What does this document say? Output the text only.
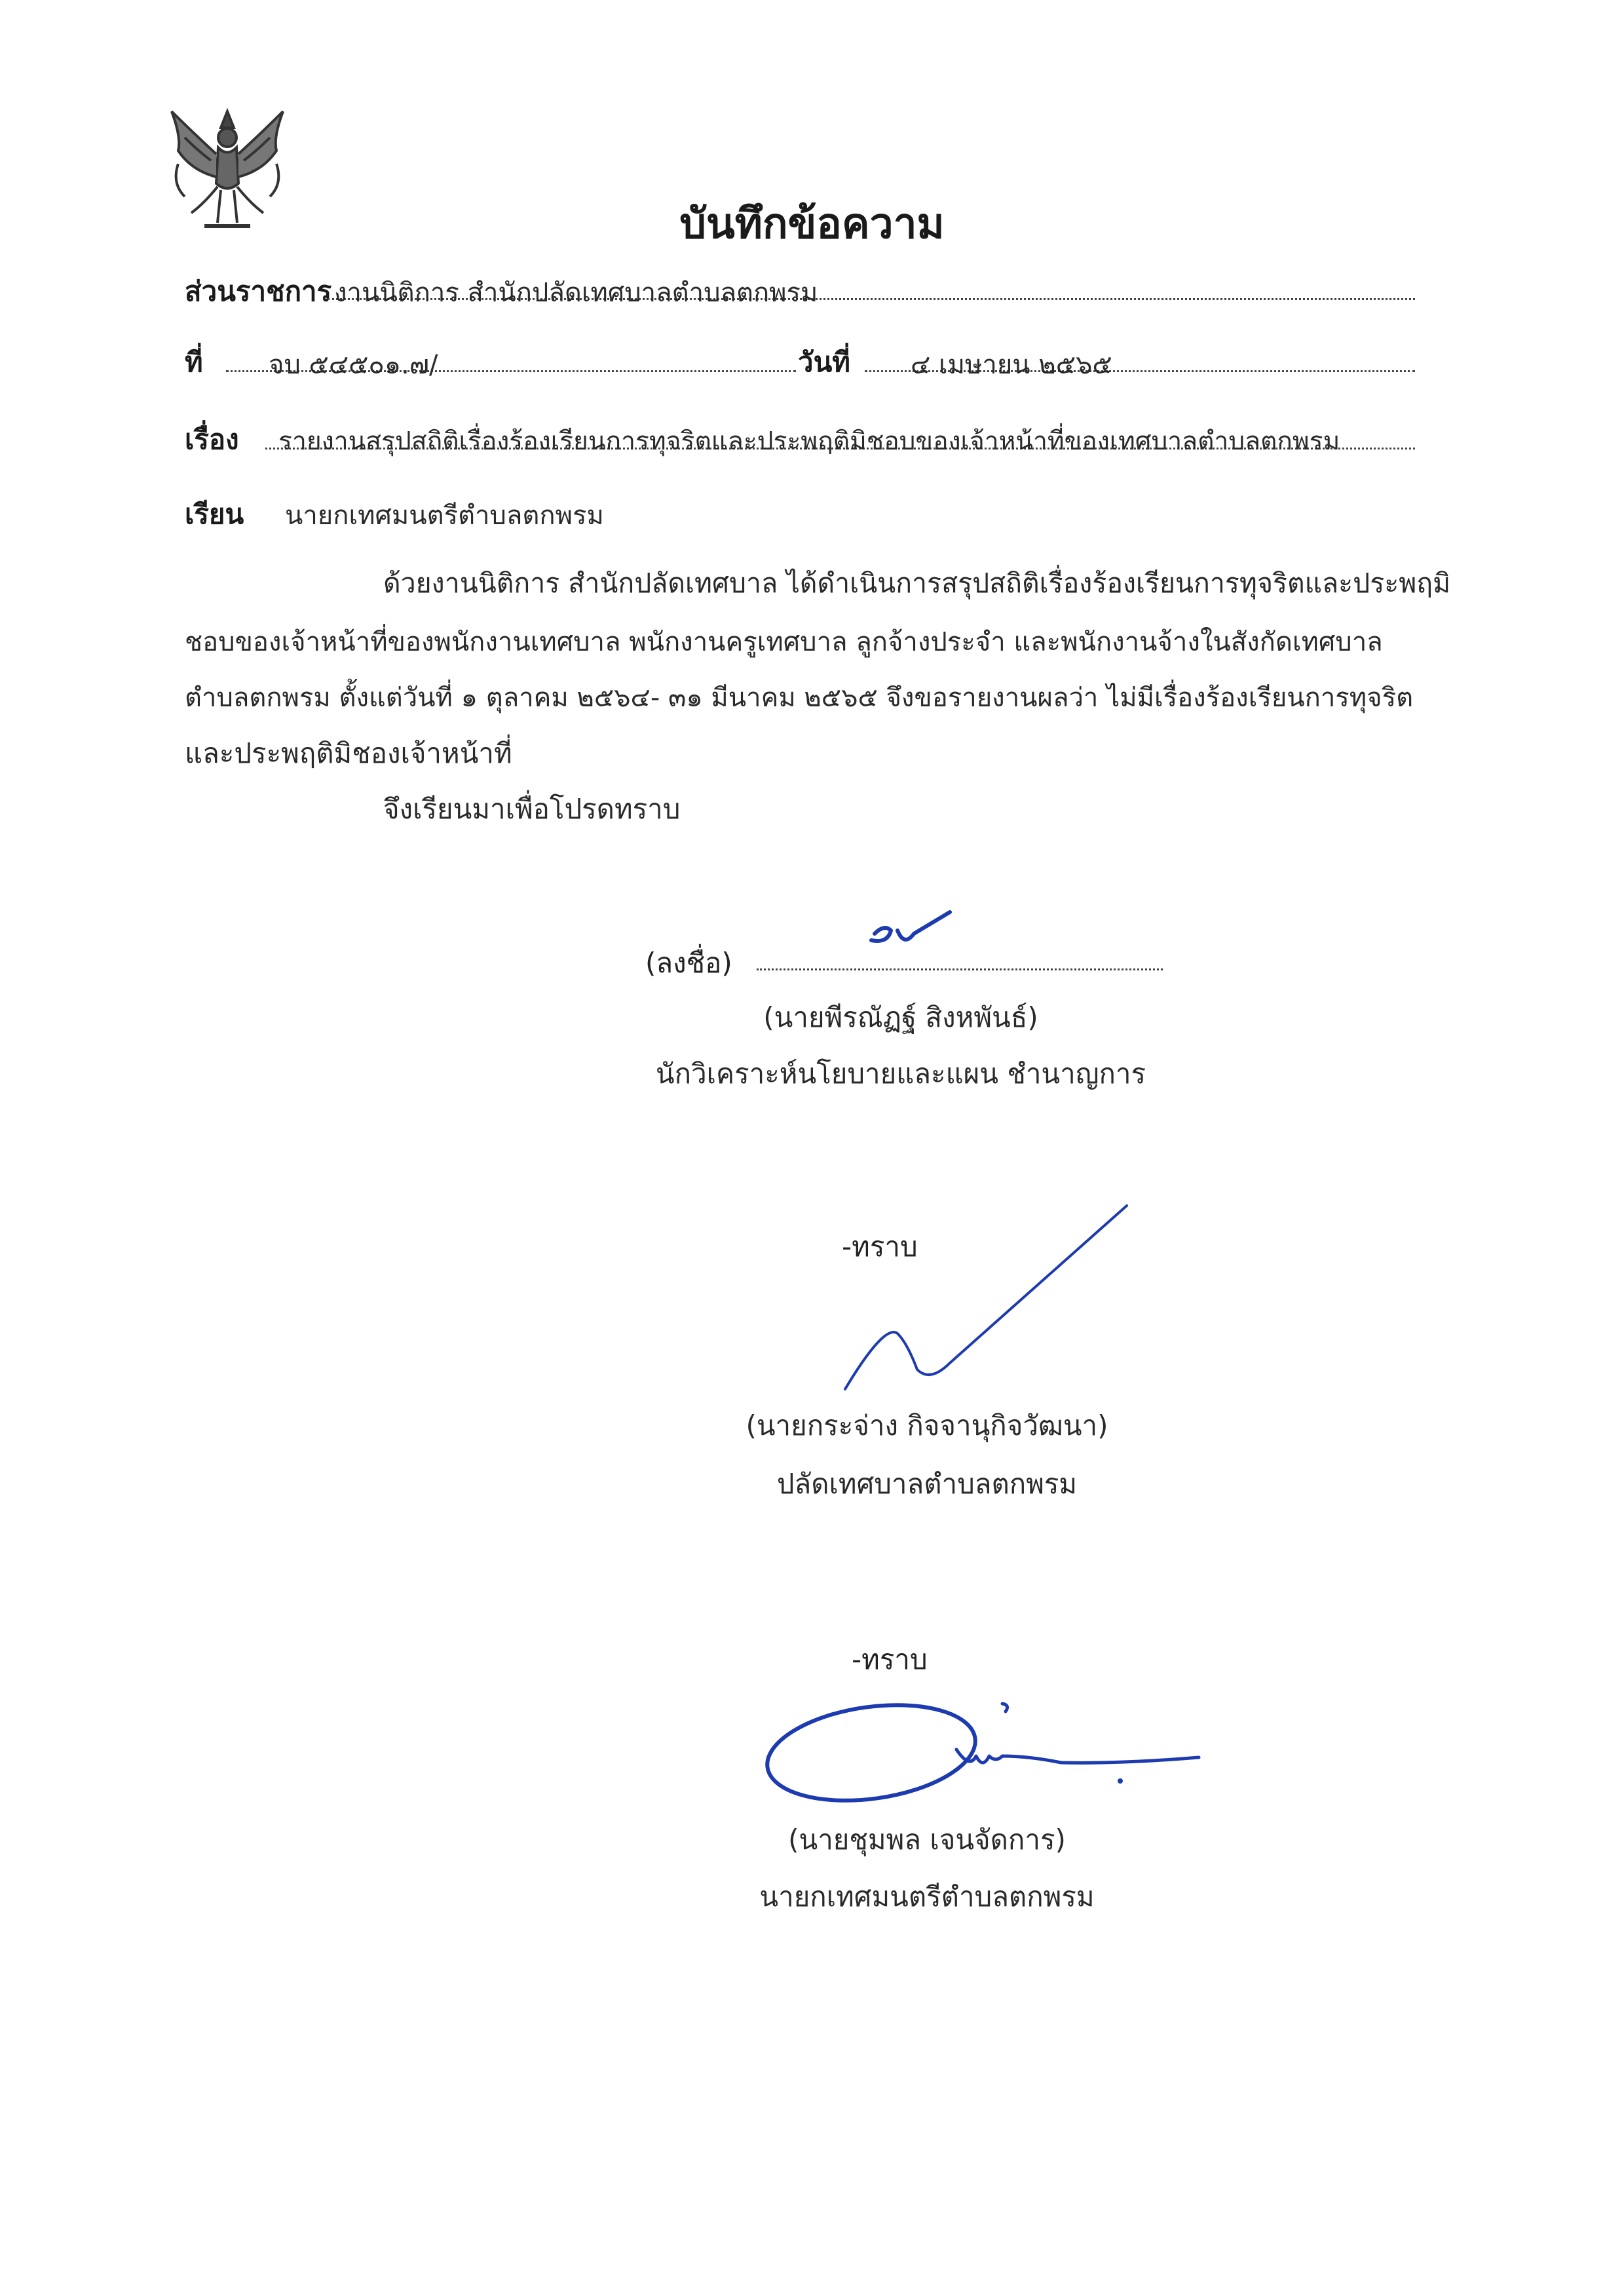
บันทึกข้อความ
ส่วนราชการ งานนิติการ สำนักปลัดเทศบาลตำบลตกพรม
ที่	จบ ๕๔๕๐๑.๗/	วันที่ ๔ เมษายน ๒๕๖๕
เรื่อง รายงานสรุปสถิติเรื่องร้องเรียนการทุจริตและประพฤติมิชอบของเจ้าหน้าที่ของเทศบาลตำบลตกพรม
เรียน นายกเทศมนตรีตำบลตกพรม
ด้วยงานนิติการ สำนักปลัดเทศบาล ได้ดำเนินการสรุปสถิติเรื่องร้องเรียนการทุจริตและประพฤมิ
ชอบของเจ้าหน้าที่ของพนักงานเทศบาล พนักงานครูเทศบาล ลูกจ้างประจำ และพนักงานจ้างในสังกัดเทศบาล
ตำบลตกพรม ตั้งแต่วันที่ ๑ ตุลาคม ๒๕๖๔- ๓๑ มีนาคม ๒๕๖๕ จึงขอรายงานผลว่า ไม่มีเรื่องร้องเรียนการทุจริต
และประพฤติมิชองเจ้าหน้าที่
จึงเรียนมาเพื่อโปรดทราบ
(ลงชื่อ)
(นายพีรณัฏฐ์ สิงหพันธ์)
นักวิเคราะห์นโยบายและแผน ชำนาญการ
-ทราบ
(นายกระจ่าง กิจจานุกิจวัฒนา)
ปลัดเทศบาลตำบลตกพรม
-ทราบ
(นายชุมพล เจนจัดการ)
นายกเทศมนตรีตำบลตกพรม
